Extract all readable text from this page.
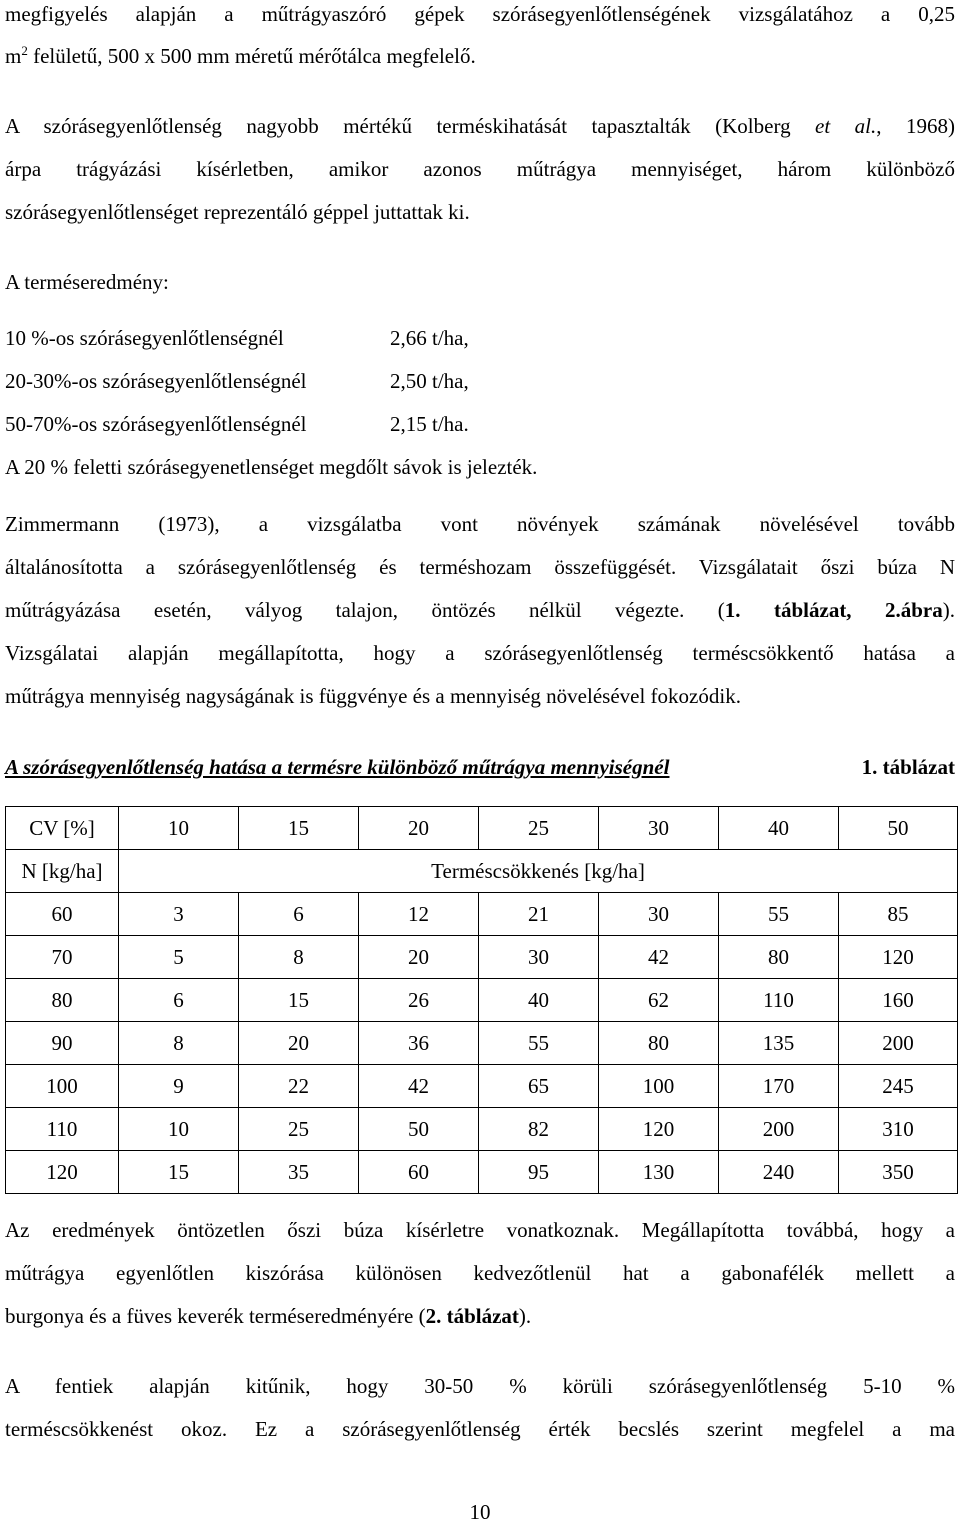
megfigyelés alapján a műtrágyaszóró gépek szórásegyenlőtlenségének vizsgálatához a 0,25
$m^2$ felületű, 500 x 500 mm méretű mérőtálca megfelelő.
A szórásegyenlőtlenség nagyobb mértékű terméskihatását tapasztalták (Kolberg et al., 1968)
árpa trágyázási kísérletben, amikor azonos műtrágya mennyiséget, három különböző
szórásegyenlőtlenséget reprezentáló géppel juttattak ki.
A terméseredmény:
10 %-os szórásegyenlőtlenségnél	2,66 t/ha,
20-30%-os szórásegyenlőtlenségnél	2,50 t/ha,
50-70%-os szórásegyenlőtlenségnél	2,15 t/ha.
A 20 % feletti szórásegyenetlenséget megdőlt sávok is jelezték.
Zimmermann (1973), a vizsgálatba vont növények számának növelésével tovább
általánosította a szórásegyenlőtlenség és terméshozam összefüggését. Vizsgálatait őszi búza N
műtrágyázása esetén, vályog talajon, öntözés nélkül végezte. (1. táblázat, 2.ábra).
Vizsgálatai alapján megállapította, hogy a szórásegyenlőtlenség terméscsökkentő hatása a
műtrágya mennyiség nagyságának is függvénye és a mennyiség növelésével fokozódik.
A szórásegyenlőtlenség hatása a termésre különböző műtrágya mennyiségnél	1. táblázat
CV [%]	10	15	20	25	30	40	50
N [kg/ha]	Terméscsökkenés [kg/ha]						
60	3	6	12	21	30	55	85
70	5	8	20	30	42	80	120
80	6	15	26	40	62	110	160
90	8	20	36	55	80	135	200
100	9	22	42	65	100	170	245
110	10	25	50	82	120	200	310
120	15	35	60	95	130	240	350
Az eredmények öntözetlen őszi búza kísérletre vonatkoznak. Megállapította továbbá, hogy a
műtrágya egyenlőtlen kiszórása különösen kedvezőtlenül hat a gabonafélék mellett a
burgonya és a füves keverék terméseredményére (2. táblázat).
A fentiek alapján kitűnik, hogy 30-50 % körüli szórásegyenlőtlenség 5-10 %
terméscsökkenést okoz. Ez a szórásegyenlőtlenség érték becslés szerint megfelel a ma
10
